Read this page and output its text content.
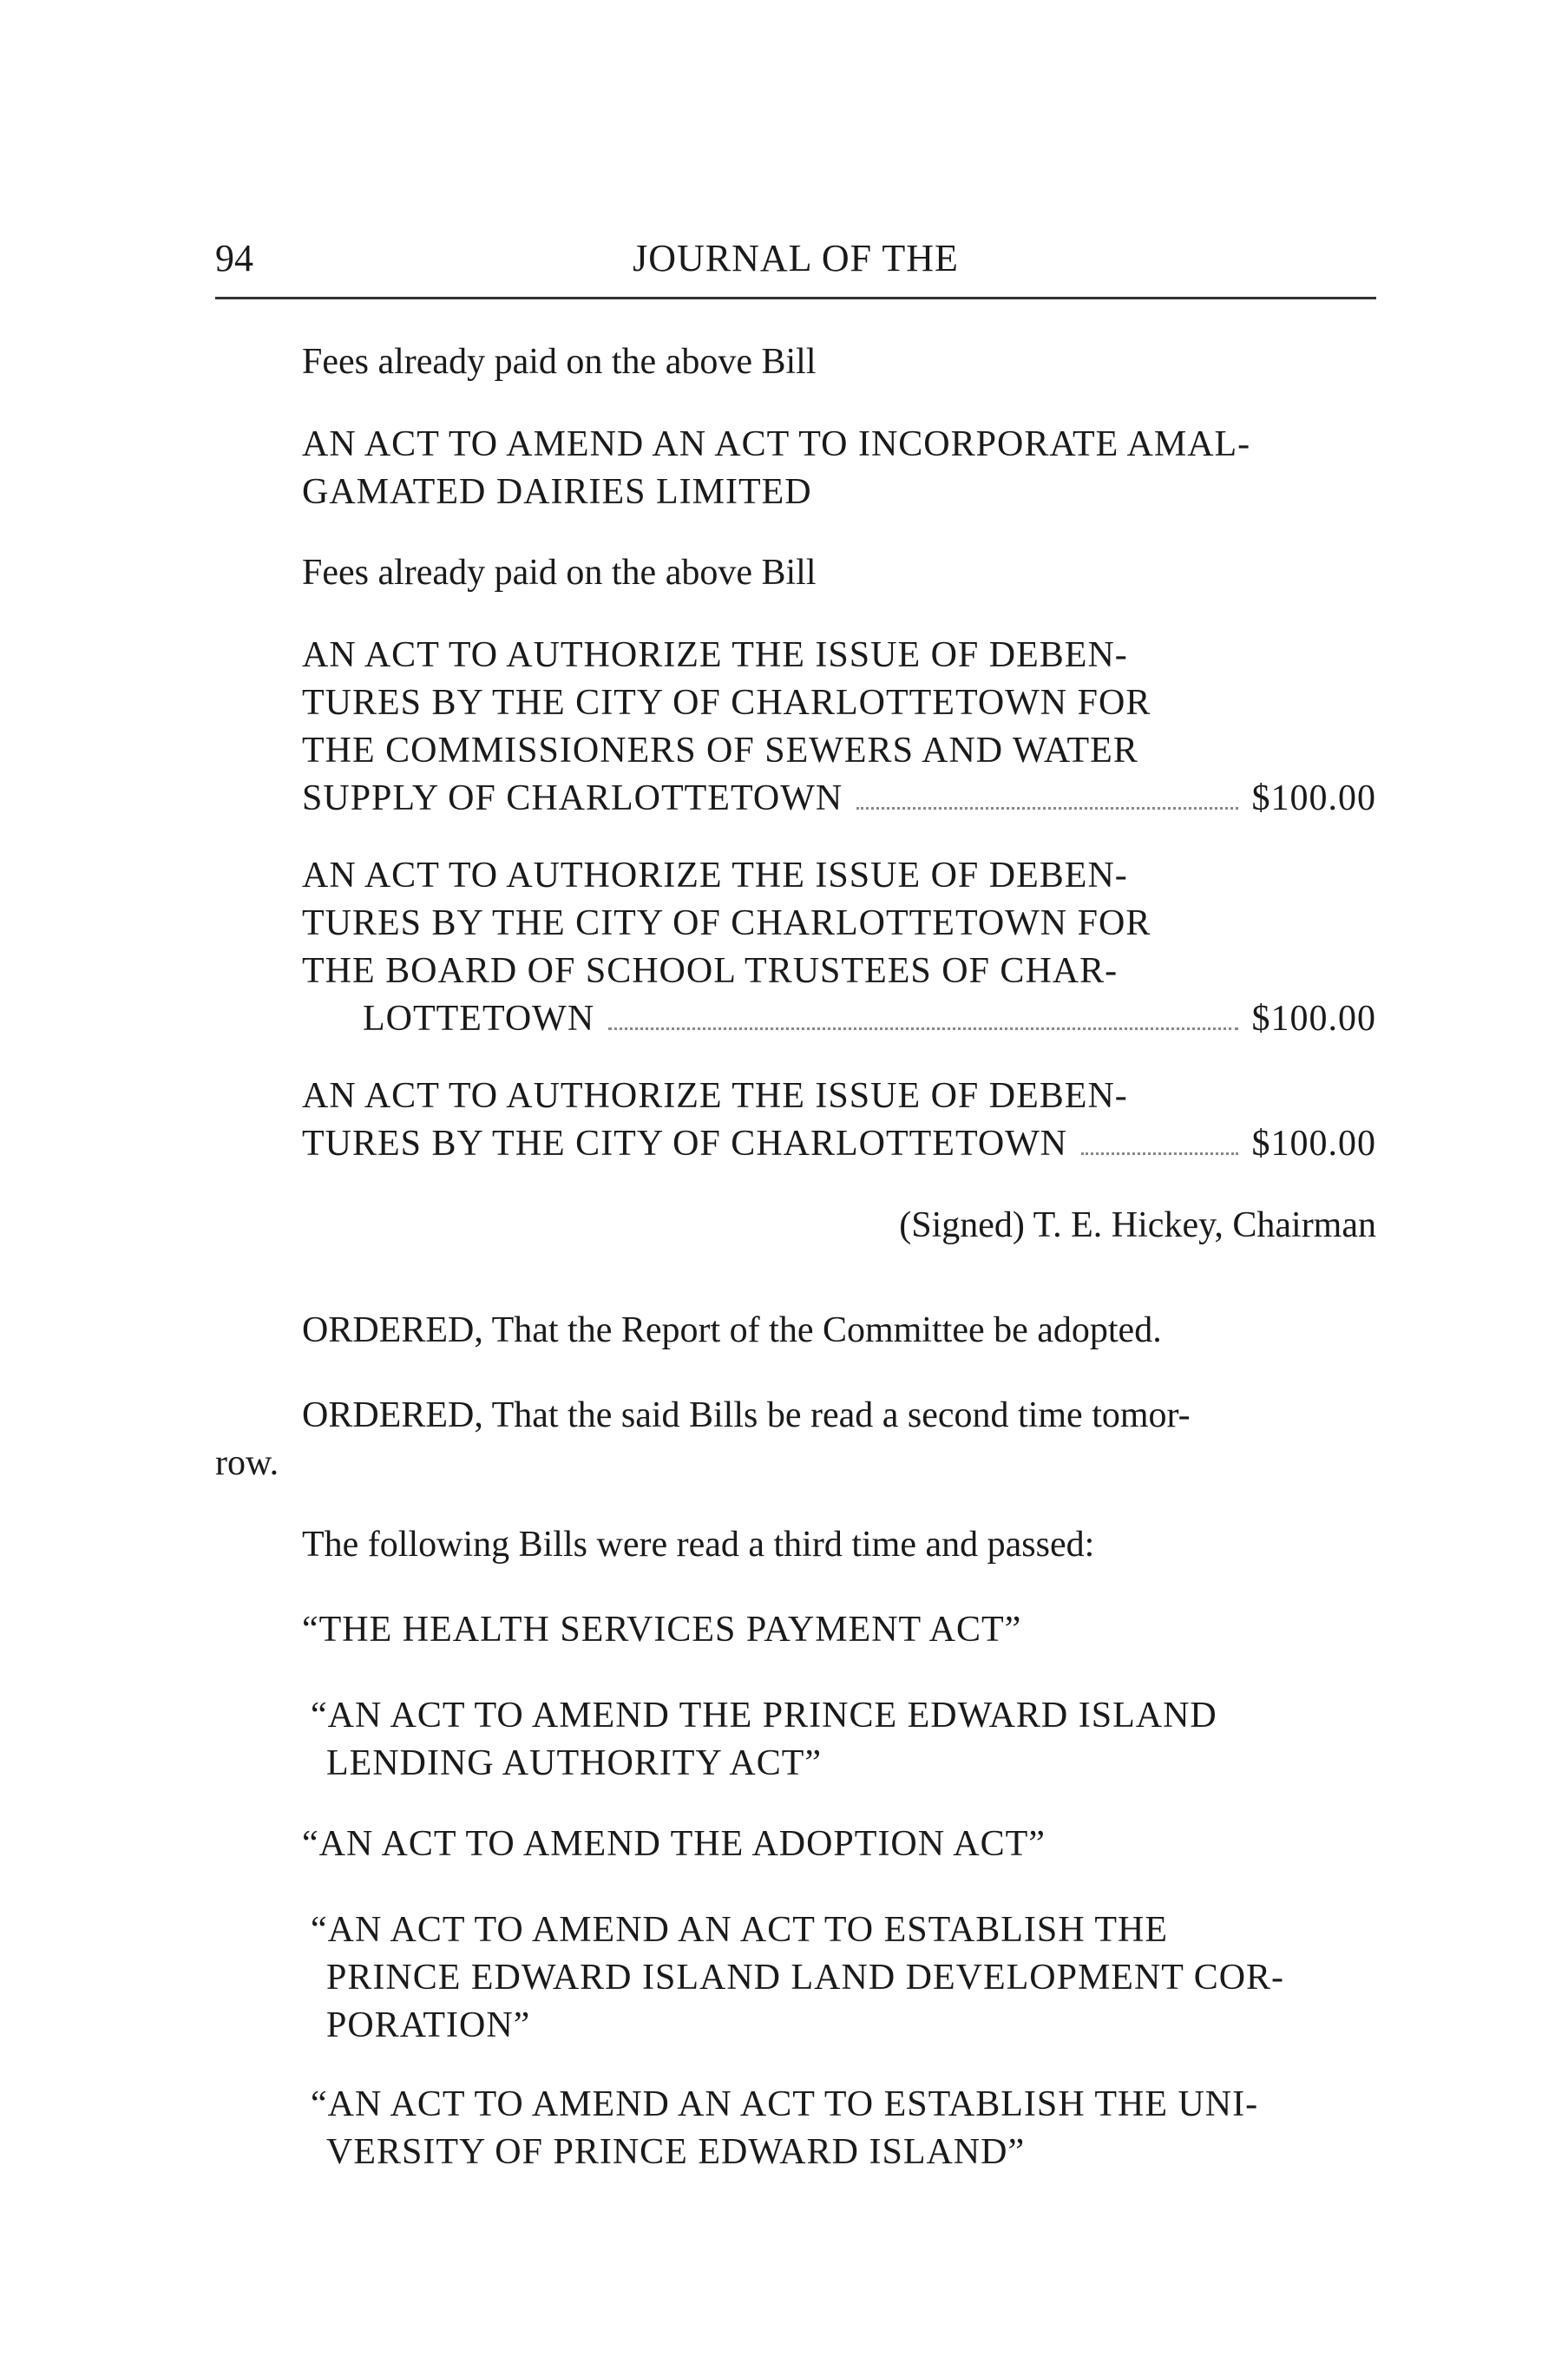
94	JOURNAL OF THE

Fees already paid on the above Bill

AN ACT TO AMEND AN ACT TO INCORPORATE AMAL-
GAMATED DAIRIES LIMITED

Fees already paid on the above Bill

AN ACT TO AUTHORIZE THE ISSUE OF DEBEN-
TURES BY THE CITY OF CHARLOTTETOWN FOR
THE COMMISSIONERS OF SEWERS AND WATER
SUPPLY OF CHARLOTTETOWN	$100.00
AN ACT TO AUTHORIZE THE ISSUE OF DEBEN-
TURES BY THE CITY OF CHARLOTTETOWN FOR
THE BOARD OF SCHOOL TRUSTEES OF CHAR-
LOTTETOWN	$100.00
AN ACT TO AUTHORIZE THE ISSUE OF DEBEN-
TURES BY THE CITY OF CHARLOTTETOWN	$100.00

(Signed) T. E. Hickey, Chairman

ORDERED, That the Report of the Committee be adopted.

ORDERED, That the said Bills be read a second time tomor-

row.

The following Bills were read a third time and passed:

“THE HEALTH SERVICES PAYMENT ACT”

“AN ACT TO AMEND THE PRINCE EDWARD ISLAND
LENDING AUTHORITY ACT”

“AN ACT TO AMEND THE ADOPTION ACT”

“AN ACT TO AMEND AN ACT TO ESTABLISH THE
PRINCE EDWARD ISLAND LAND DEVELOPMENT COR-
PORATION”
“AN ACT TO AMEND AN ACT TO ESTABLISH THE UNI-
VERSITY OF PRINCE EDWARD ISLAND”
